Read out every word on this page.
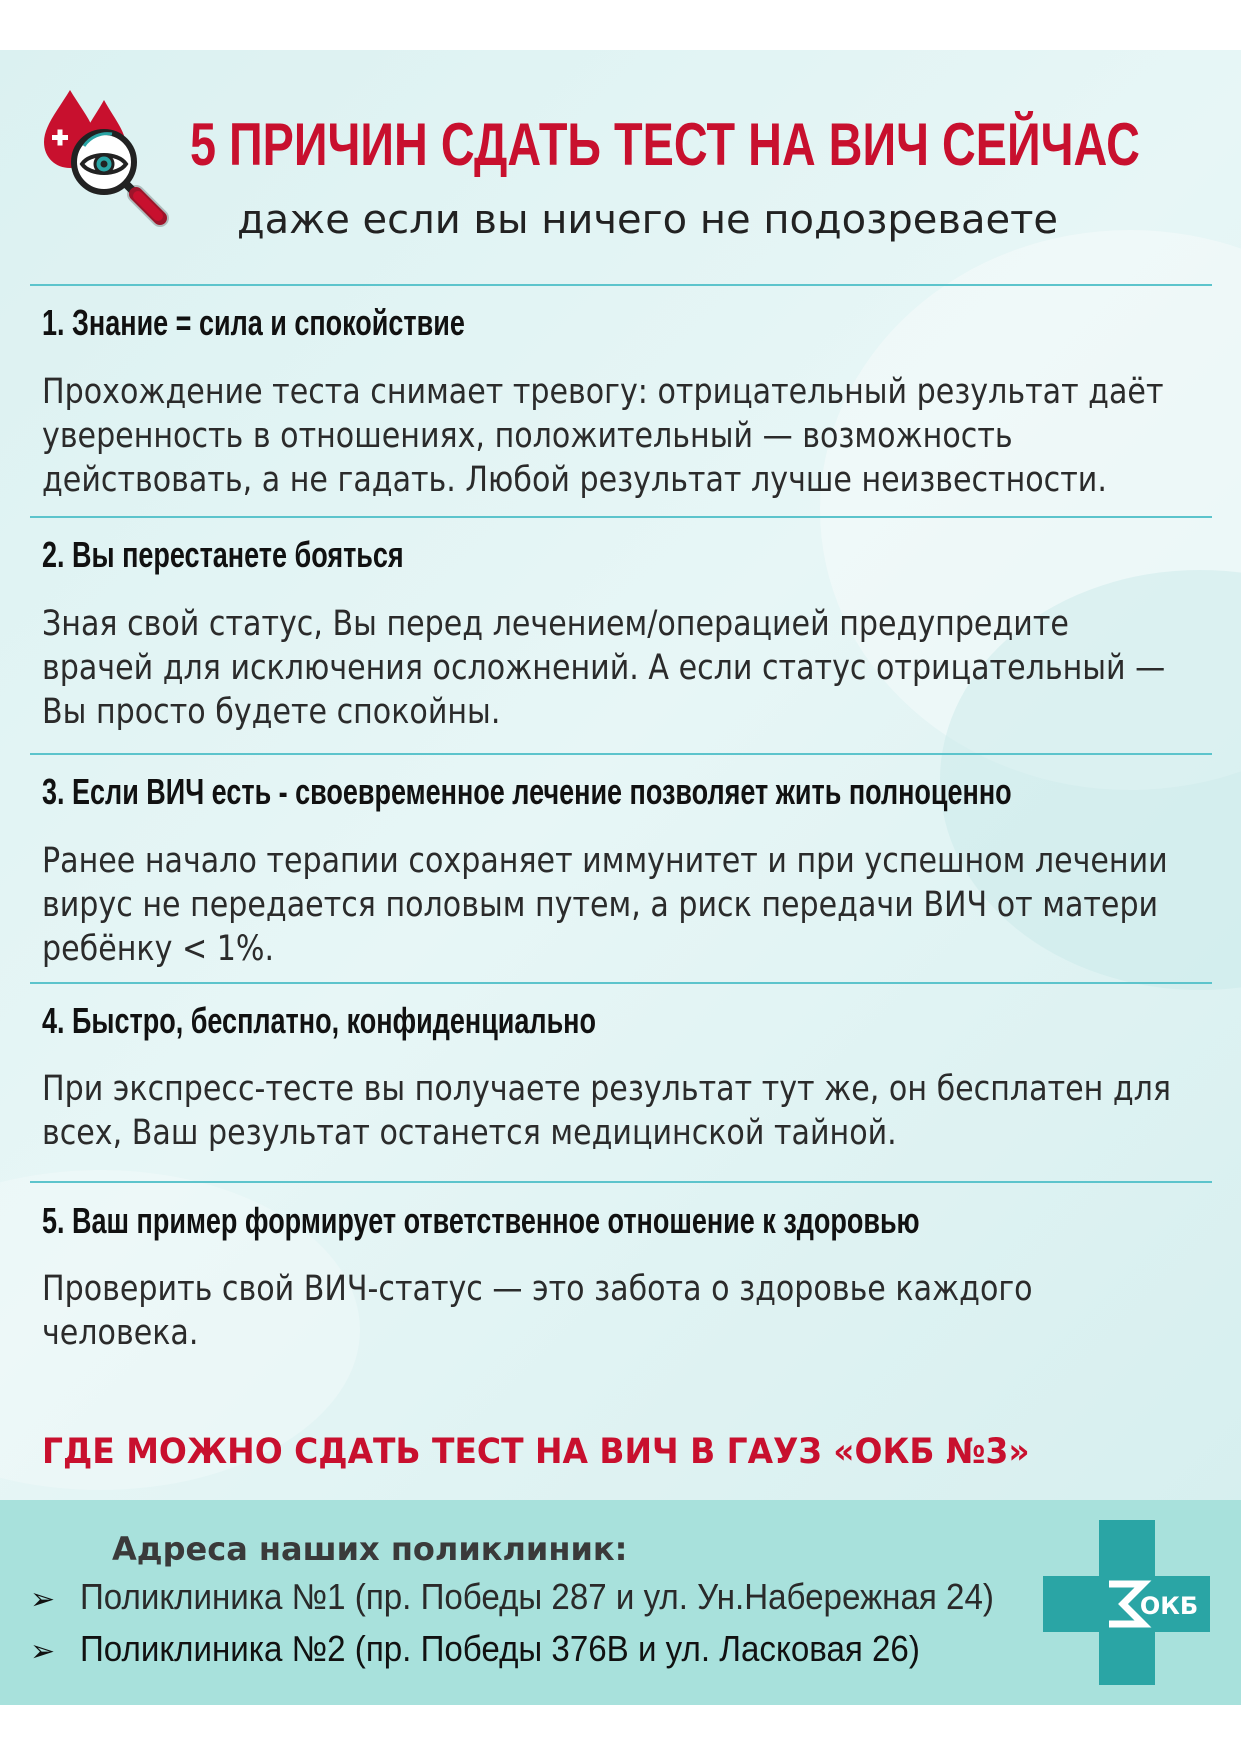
5 ПРИЧИН СДАТЬ ТЕСТ НА ВИЧ СЕЙЧАС
даже если вы ничего не подозреваете
1. Знание = сила и спокойствие
Прохождение теста снимает тревогу: отрицательный результат даёт
уверенность в отношениях, положительный — возможность
действовать, а не гадать. Любой результат лучше неизвестности.
2. Вы перестанете бояться
Зная свой статус, Вы перед лечением/операцией предупредите
врачей для исключения осложнений. А если статус отрицательный —
Вы просто будете спокойны.
3. Если ВИЧ есть - своевременное лечение позволяет жить полноценно
Ранее начало терапии сохраняет иммунитет и при успешном лечении
вирус не передается половым путем, а риск передачи ВИЧ от матери
ребёнку < 1%.
4. Быстро, бесплатно, конфиденциально
При экспресс-тесте вы получаете результат тут же, он бесплатен для
всех, Ваш результат останется медицинской тайной.
5. Ваш пример формирует ответственное отношение к здоровью
Проверить свой ВИЧ-статус — это забота о здоровье каждого
человека.
ГДЕ МОЖНО СДАТЬ ТЕСТ НА ВИЧ В ГАУЗ «ОКБ №3»
Адреса наших поликлиник:
➢ Поликлиника №1 (пр. Победы 287 и ул. Ун.Набережная 24)
➢ Поликлиника №2 (пр. Победы 376В и ул. Ласковая 26)
ОКБ
